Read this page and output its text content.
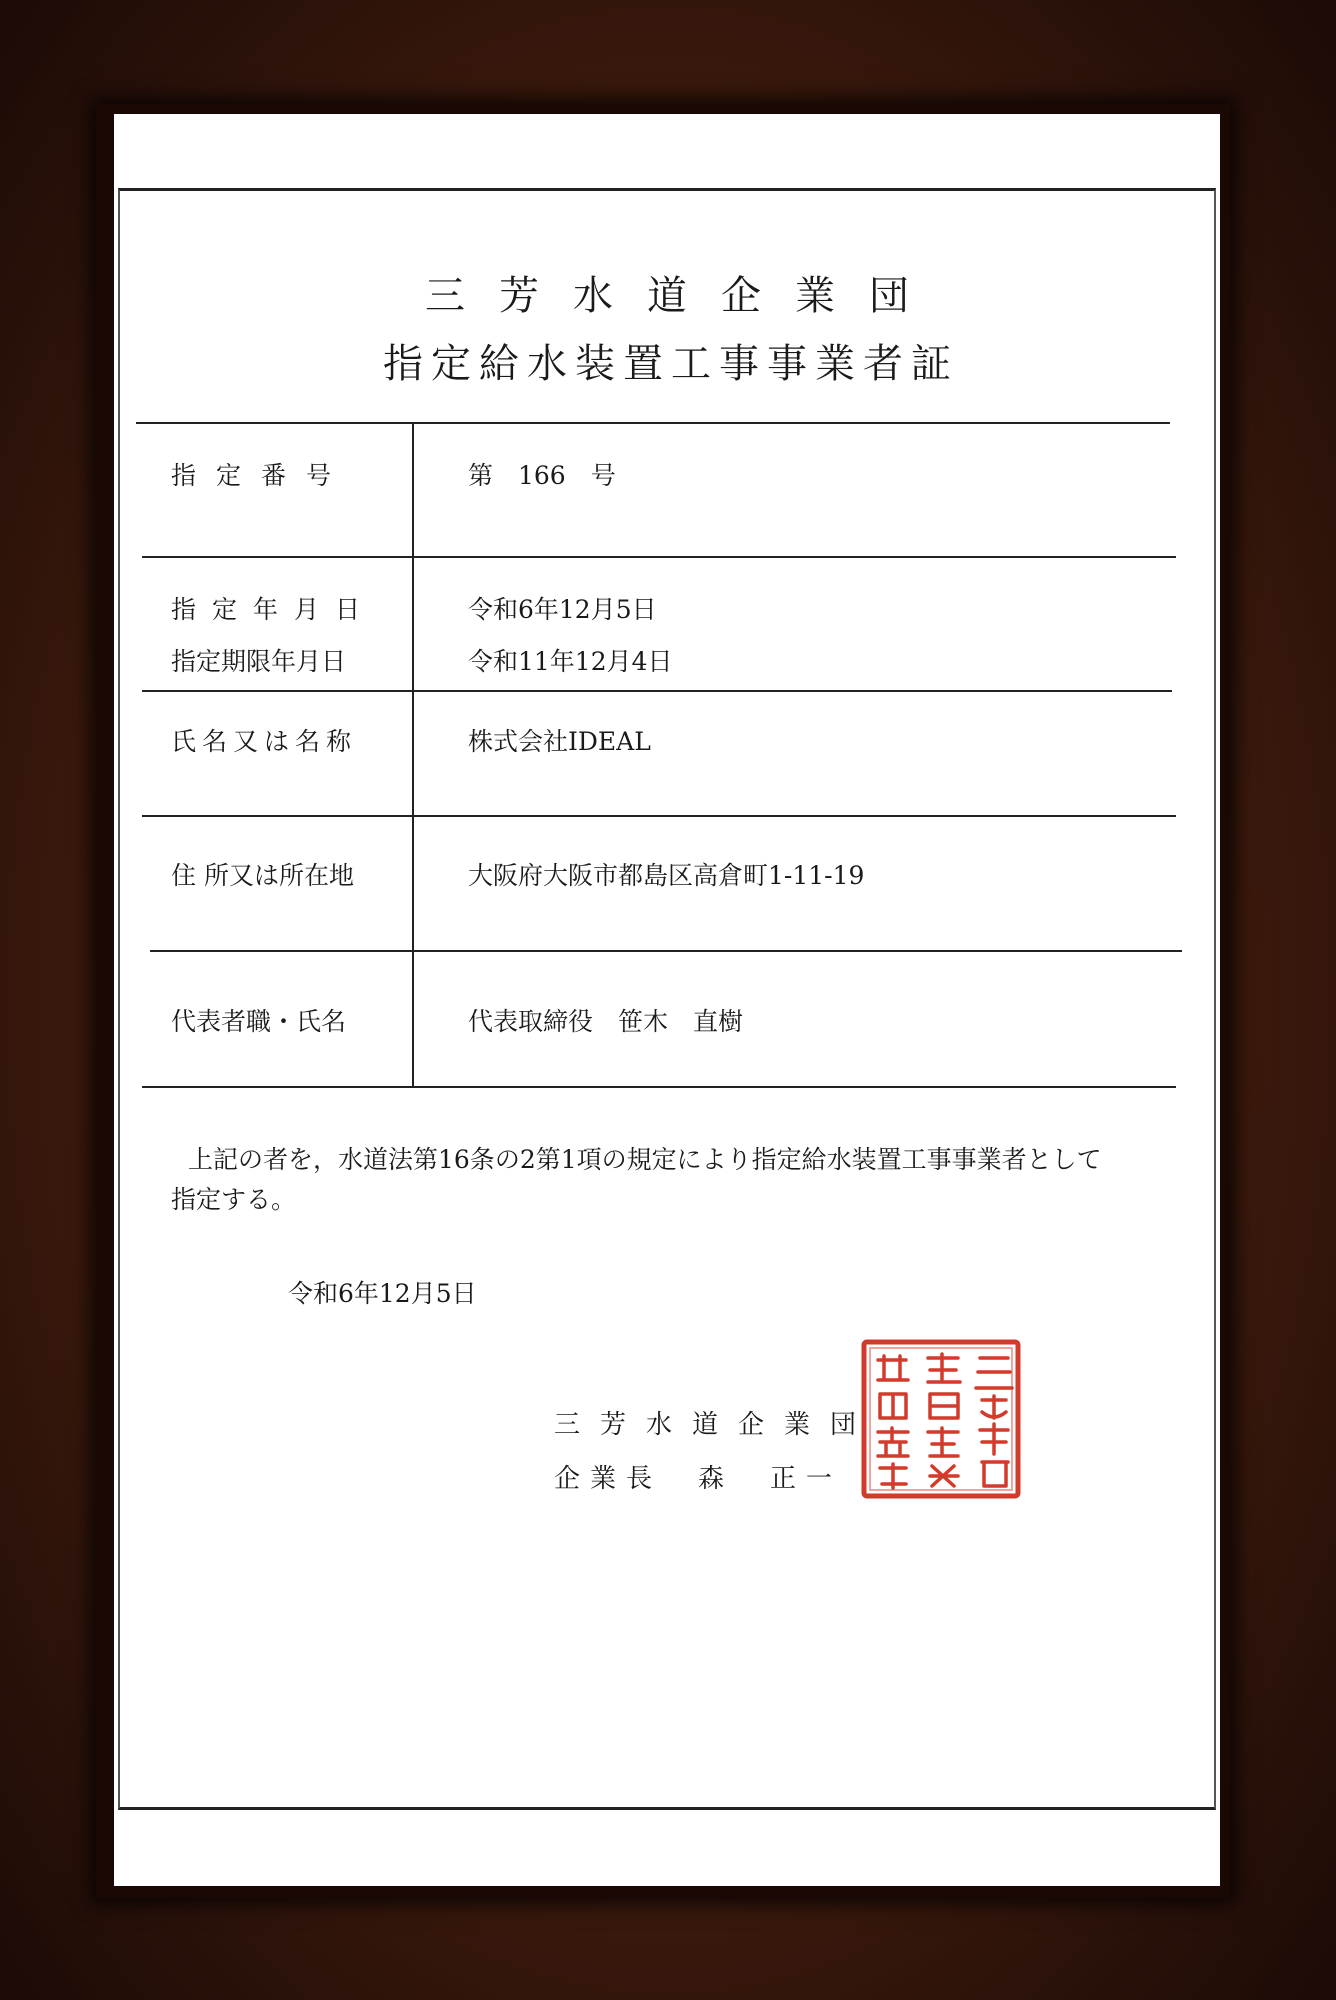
三芳水道企業団
指定給水装置工事事業者証
指定番号	第　166　号
指定年月日	令和6年12月5日
指定期限年月日	令和11年12月4日
氏名又は名称	株式会社IDEAL
住 所又は所在地	大阪府大阪市都島区高倉町1-11-19
代表者職・氏名	代表取締役　笹木　直樹
上記の者を，水道法第16条の2第1項の規定により指定給水装置工事事業者として
指定する。
令和6年12月5日
三芳水道企業団
企業長　森　正一
